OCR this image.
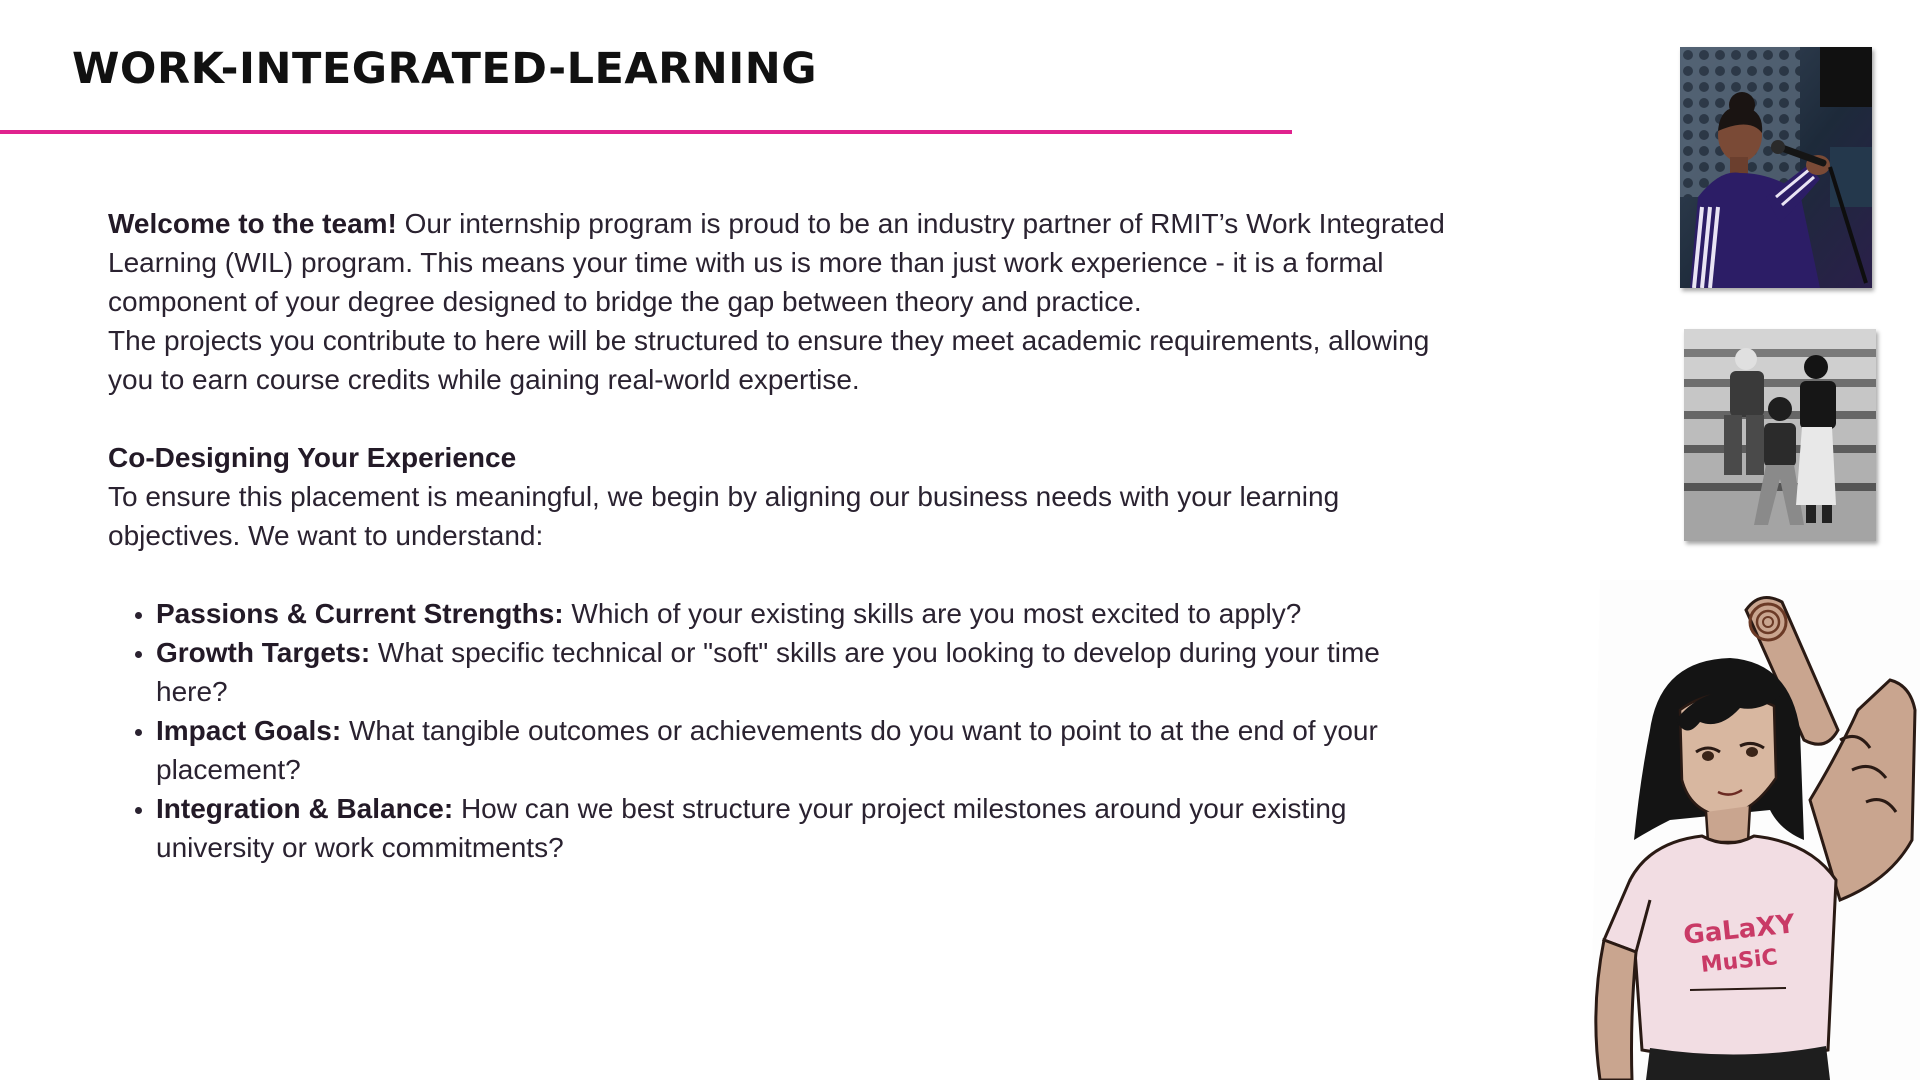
WORK-INTEGRATED-LEARNING

Welcome to the team! Our internship program is proud to be an industry partner of RMIT’s Work Integrated Learning (WIL) program. This means your time with us is more than just work experience - it is a formal component of your degree designed to bridge the gap between theory and practice.

The projects you contribute to here will be structured to ensure they meet academic requirements, allowing you to earn course credits while gaining real-world expertise.

Co-Designing Your Experience

To ensure this placement is meaningful, we begin by aligning our business needs with your learning objectives. We want to understand:

• Passions & Current Strengths: Which of your existing skills are you most excited to apply?
• Growth Targets: What specific technical or "soft" skills are you looking to develop during your time here?
• Impact Goals: What tangible outcomes or achievements do you want to point to at the end of your placement?
• Integration & Balance: How can we best structure your project milestones around your existing university or work commitments?
GaLaXY
MuSiC
